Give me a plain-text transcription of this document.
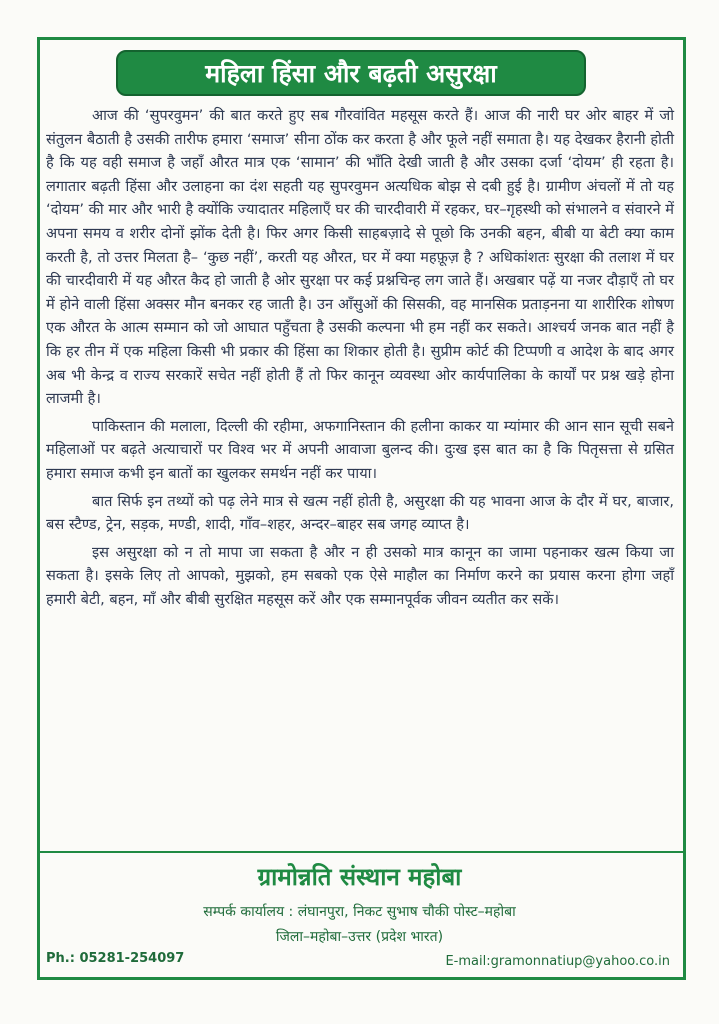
महिला हिंसा और बढ़ती असुरक्षा

आज की ‘सुपरवुमन’ की बात करते हुए सब गौरवांवित महसूस करते हैं। आज की नारी घर ओर बाहर में जो संतुलन बैठाती है उसकी तारीफ हमारा ‘समाज’ सीना ठोंक कर करता है और फूले नहीं समाता है। यह देखकर हैरानी होती है कि यह वही समाज है जहाँ औरत मात्र एक ‘सामान’ की भाँति देखी जाती है और उसका दर्जा ‘दोयम’ ही रहता है। लगातार बढ़ती हिंसा और उलाहना का दंश सहती यह सुपरवुमन अत्यधिक बोझ से दबी हुई है। ग्रामीण अंचलों में तो यह ‘दोयम’ की मार और भारी है क्योंकि ज्यादातर महिलाएँ घर की चारदीवारी में रहकर, घर–गृहस्थी को संभालने व संवारने में अपना समय व शरीर दोनों झोंक देती है। फिर अगर किसी साहबज़ादे से पूछो कि उनकी बहन, बीबी या बेटी क्या काम करती है, तो उत्तर मिलता है– ‘कुछ नहीं’, करती यह औरत, घर में क्या महफ़ूज़ है ? अधिकांशतः सुरक्षा की तलाश में घर की चारदीवारी में यह औरत कैद हो जाती है ओर सुरक्षा पर कई प्रश्नचिन्ह लग जाते हैं। अखबार पढ़ें या नजर दौड़ाएँ तो घर में होने वाली हिंसा अक्सर मौन बनकर रह जाती है। उन आँसुओं की सिसकी, वह मानसिक प्रताड़नना या शारीरिक शोषण एक औरत के आत्म सम्मान को जो आघात पहुँचता है उसकी कल्पना भी हम नहीं कर सकते। आश्चर्य जनक बात नहीं है कि हर तीन में एक महिला किसी भी प्रकार की हिंसा का शिकार होती है। सुप्रीम कोर्ट की टिप्पणी व आदेश के बाद अगर अब भी केन्द्र व राज्य सरकारें सचेत नहीं होती हैं तो फिर कानून व्यवस्था ओर कार्यपालिका के कार्यों पर प्रश्न खड़े होना लाजमी है।

पाकिस्तान की मलाला, दिल्ली की रहीमा, अफगानिस्तान की हलीना काकर या म्यांमार की आन सान सूची सबने महिलाओं पर बढ़ते अत्याचारों पर विश्व भर में अपनी आवाजा बुलन्द की। दुःख इस बात का है कि पितृसत्ता से ग्रसित हमारा समाज कभी इन बातों का खुलकर समर्थन नहीं कर पाया।

बात सिर्फ इन तथ्यों को पढ़ लेने मात्र से खत्म नहीं होती है, असुरक्षा की यह भावना आज के दौर में घर, बाजार, बस स्टैण्ड, ट्रेन, सड़क, मण्डी, शादी, गाँव–शहर, अन्दर–बाहर सब जगह व्याप्त है।

इस असुरक्षा को न तो मापा जा सकता है और न ही उसको मात्र कानून का जामा पहनाकर खत्म किया जा सकता है। इसके लिए तो आपको, मुझको, हम सबको एक ऐसे माहौल का निर्माण करने का प्रयास करना होगा जहाँ हमारी बेटी, बहन, माँ और बीबी सुरक्षित महसूस करें और एक सम्मानपूर्वक जीवन व्यतीत कर सकें।

ग्रामोन्नति संस्थान महोबा
सम्पर्क कार्यालय : लंघानपुरा, निकट सुभाष चौकी पोस्ट–महोबा
जिला–महोबा–उत्तर (प्रदेश भारत)
Ph.: 05281-254097	E-mail:gramonnatiup@yahoo.co.in
